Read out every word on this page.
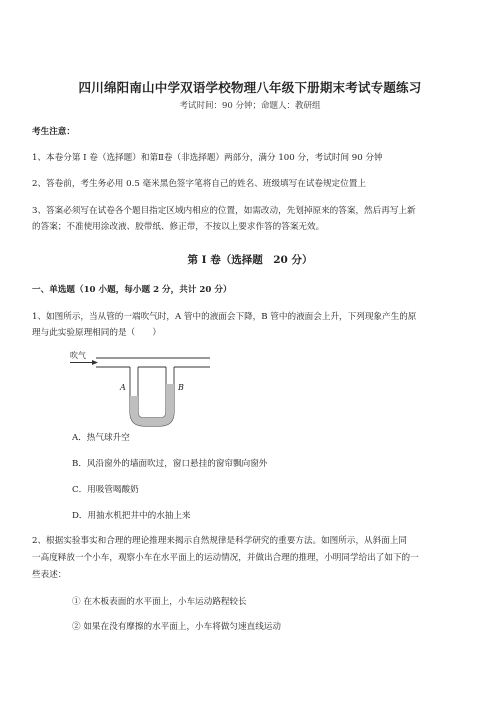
四川绵阳南山中学双语学校物理八年级下册期末考试专题练习
考试时间：90 分钟；命题人：教研组
考生注意：
1、本卷分第 I 卷（选择题）和第Ⅱ卷（非选择题）两部分，满分 100 分，考试时间 90 分钟
2、答卷前，考生务必用 0.5 毫米黑色签字笔将自己的姓名、班级填写在试卷规定位置上
3、答案必须写在试卷各个题目指定区域内相应的位置，如需改动，先划掉原来的答案，然后再写上新
的答案；不准使用涂改液、胶带纸、修正带，不按以上要求作答的答案无效。
第 I 卷（选择题　20 分）
一、单选题（10 小题，每小题 2 分，共计 20 分）
1、如图所示，当从管的一端吹气时，A 管中的液面会下降，B 管中的液面会上升，下列现象产生的原
理与此实验原理相同的是（　　）
吹气
A	B
A．热气球升空
B．风沿窗外的墙面吹过，窗口悬挂的窗帘飘向窗外
C．用吸管喝酸奶
D．用抽水机把井中的水抽上来
2、根据实验事实和合理的理论推理来揭示自然规律是科学研究的重要方法。如图所示，从斜面上同
一高度释放一个小车，观察小车在水平面上的运动情况，并做出合理的推理，小明同学给出了如下的一
些表述：
① 在木板表面的水平面上，小车运动路程较长
② 如果在没有摩擦的水平面上，小车将做匀速直线运动
